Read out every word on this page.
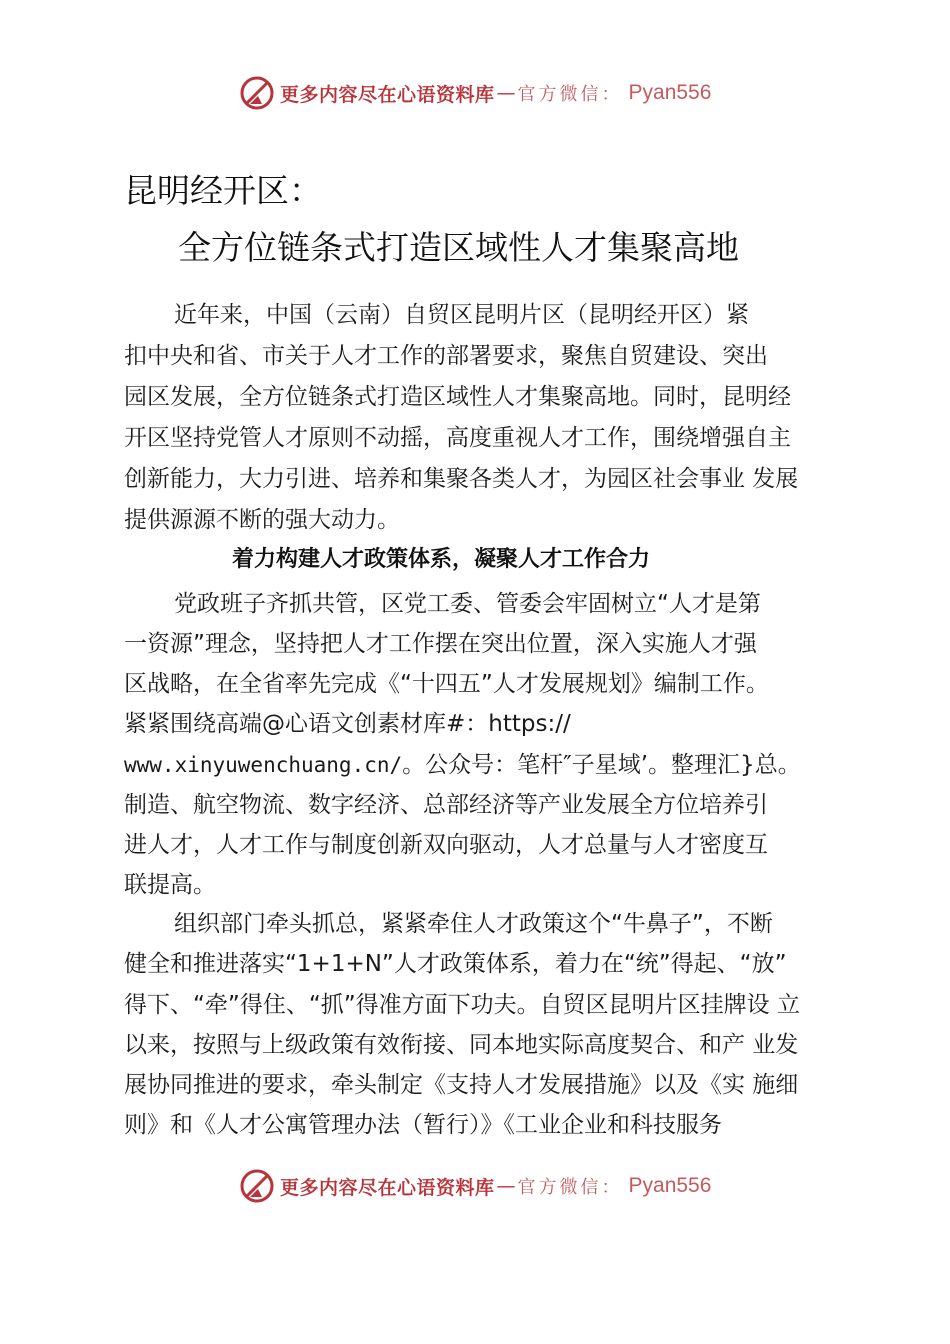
更多内容尽在心语资料库 — 官方微信： Pyan556
昆明经开区：
全方位链条式打造区域性人才集聚高地
近年来，中国（云南）自贸区昆明片区（昆明经开区）紧
扣中央和省、市关于人才工作的部署要求，聚焦自贸建设、突出
园区发展，全方位链条式打造区域性人才集聚高地。同时，昆明经
开区坚持党管人才原则不动摇，高度重视人才工作，围绕增强自主
创新能力，大力引进、培养和集聚各类人才，为园区社会事业 发展
提供源源不断的强大动力。
着力构建人才政策体系，凝聚人才工作合力
党政班子齐抓共管，区党工委、管委会牢固树立“人才是第
一资源”理念，坚持把人才工作摆在突出位置，深入实施人才强
区战略，在全省率先完成《“十四五”人才发展规划》编制工作。
紧紧围绕高端@心语文创素材库#：https://
www.xinyuwenchuang.cn/。公众号：笔杆″子星域’。整理汇}总。
制造、航空物流、数字经济、总部经济等产业发展全方位培养引
进人才，人才工作与制度创新双向驱动，人才总量与人才密度互
联提高。
组织部门牵头抓总，紧紧牵住人才政策这个“牛鼻子”，不断
健全和推进落实“1+1+N”人才政策体系，着力在“统”得起、“放”
得下、“牵”得住、“抓”得准方面下功夫。自贸区昆明片区挂牌设 立
以来，按照与上级政策有效衔接、同本地实际高度契合、和产 业发
展协同推进的要求，牵头制定《支持人才发展措施》以及《实 施细
则》和《人才公寓管理办法（暂行）》《工业企业和科技服务
更多内容尽在心语资料库 — 官方微信： Pyan556
